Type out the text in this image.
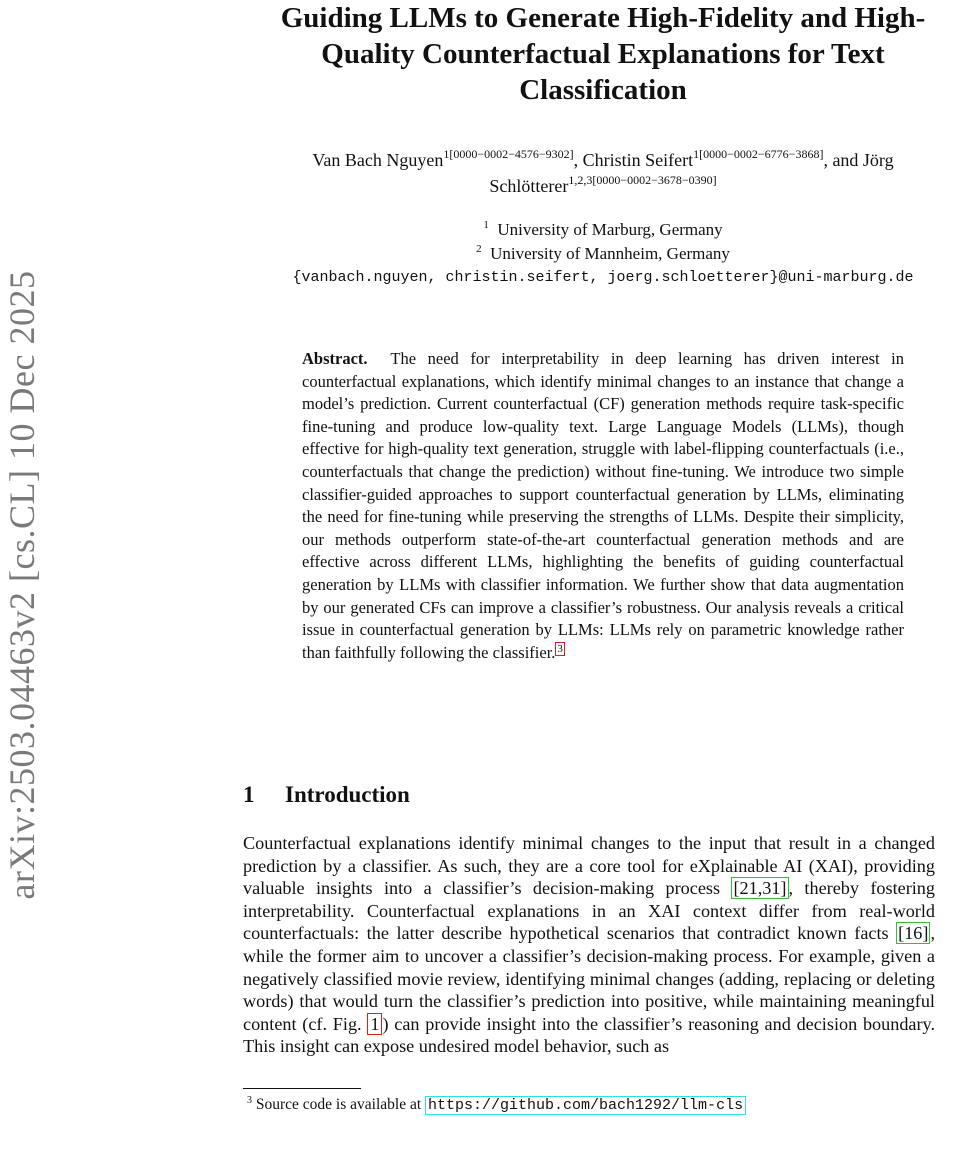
arXiv:2503.04463v2 [cs.CL] 10 Dec 2025
Guiding LLMs to Generate High-Fidelity and High-Quality Counterfactual Explanations for Text Classification
Van Bach Nguyen$^{1[0000-0002-4576-9302]}$, Christin Seifert$^{1[0000-0002-6776-3868]}$, and Jörg Schlötterer$^{1,2,3[0000-0002-3678-0390]}$
$^1$ University of Marburg, Germany
$^2$ University of Mannheim, Germany
{vanbach.nguyen, christin.seifert, joerg.schloetterer}@uni-marburg.de

Abstract. The need for interpretability in deep learning has driven interest in counterfactual explanations, which identify minimal changes to an instance that change a model’s prediction. Current counterfactual (CF) generation methods require task-specific fine-tuning and produce low-quality text. Large Language Models (LLMs), though effective for high-quality text generation, struggle with label-flipping counterfactuals (i.e., counterfactuals that change the prediction) without fine-tuning. We introduce two simple classifier-guided approaches to support counterfactual generation by LLMs, eliminating the need for fine-tuning while preserving the strengths of LLMs. Despite their simplicity, our methods outperform state-of-the-art counterfactual generation methods and are effective across different LLMs, highlighting the benefits of guiding counterfactual generation by LLMs with classifier information. We further show that data augmentation by our generated CFs can improve a classifier’s robustness. Our analysis reveals a critical issue in counterfactual generation by LLMs: LLMs rely on parametric knowledge rather than faithfully following the classifier. 3

1 Introduction

Counterfactual explanations identify minimal changes to the input that result in a changed prediction by a classifier. As such, they are a core tool for eXplainable AI (XAI), providing valuable insights into a classifier’s decision-making process [21,31] , thereby fostering interpretability. Counterfactual explanations in an XAI context differ from real-world counterfactuals: the latter describe hypothetical scenarios that contradict known facts [16] , while the former aim to uncover a classifier’s decision-making process. For example, given a negatively classified movie review, identifying minimal changes (adding, replacing or deleting words) that would turn the classifier’s prediction into positive, while maintaining meaningful content (cf. Fig. 1 ) can provide insight into the classifier’s reasoning and decision boundary. This insight can expose undesired model behavior, such as

$^3$ Source code is available at https://github.com/bach1292/llm-cls
